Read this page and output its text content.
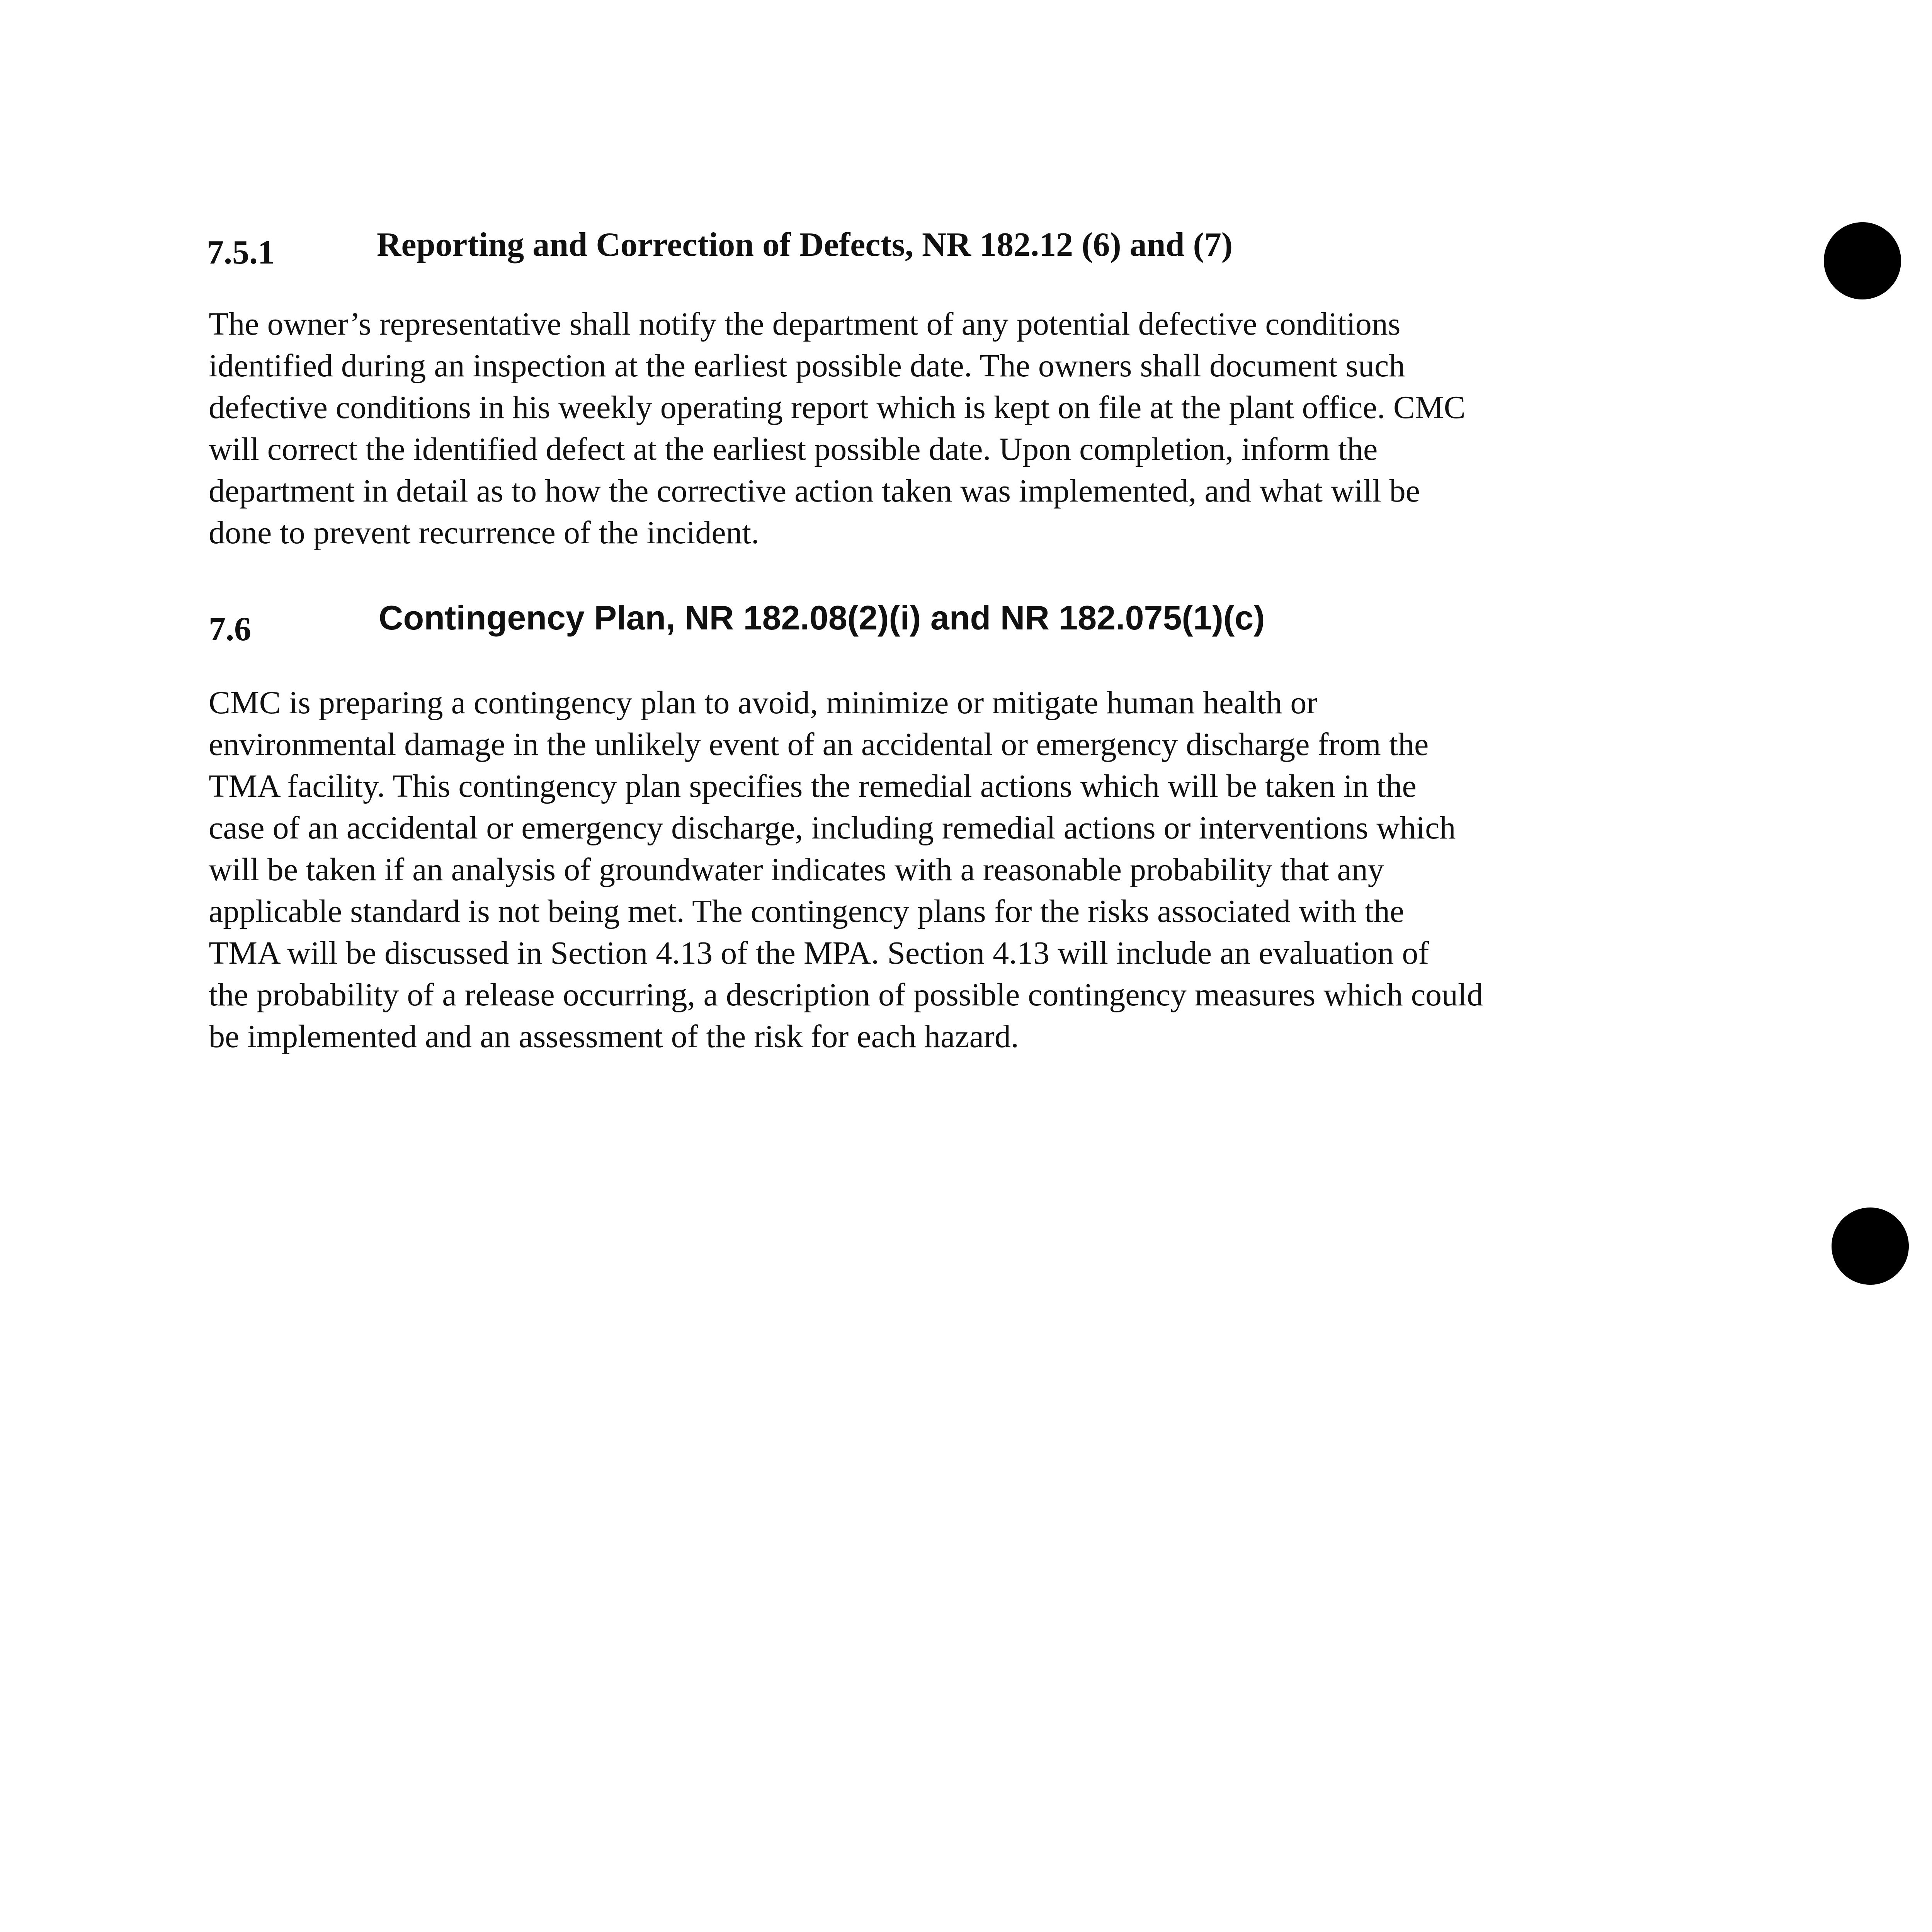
7.5.1	Reporting and Correction of Defects, NR 182.12 (6) and (7)
The owner’s representative shall notify the department of any potential defective conditions
identified during an inspection at the earliest possible date. The owners shall document such
defective conditions in his weekly operating report which is kept on file at the plant office. CMC
will correct the identified defect at the earliest possible date. Upon completion, inform the
department in detail as to how the corrective action taken was implemented, and what will be
done to prevent recurrence of the incident.
7.6	Contingency Plan, NR 182.08(2)(i) and NR 182.075(1)(c)
CMC is preparing a contingency plan to avoid, minimize or mitigate human health or
environmental damage in the unlikely event of an accidental or emergency discharge from the
TMA facility. This contingency plan specifies the remedial actions which will be taken in the
case of an accidental or emergency discharge, including remedial actions or interventions which
will be taken if an analysis of groundwater indicates with a reasonable probability that any
applicable standard is not being met. The contingency plans for the risks associated with the
TMA will be discussed in Section 4.13 of the MPA. Section 4.13 will include an evaluation of
the probability of a release occurring, a description of possible contingency measures which could
be implemented and an assessment of the risk for each hazard.
